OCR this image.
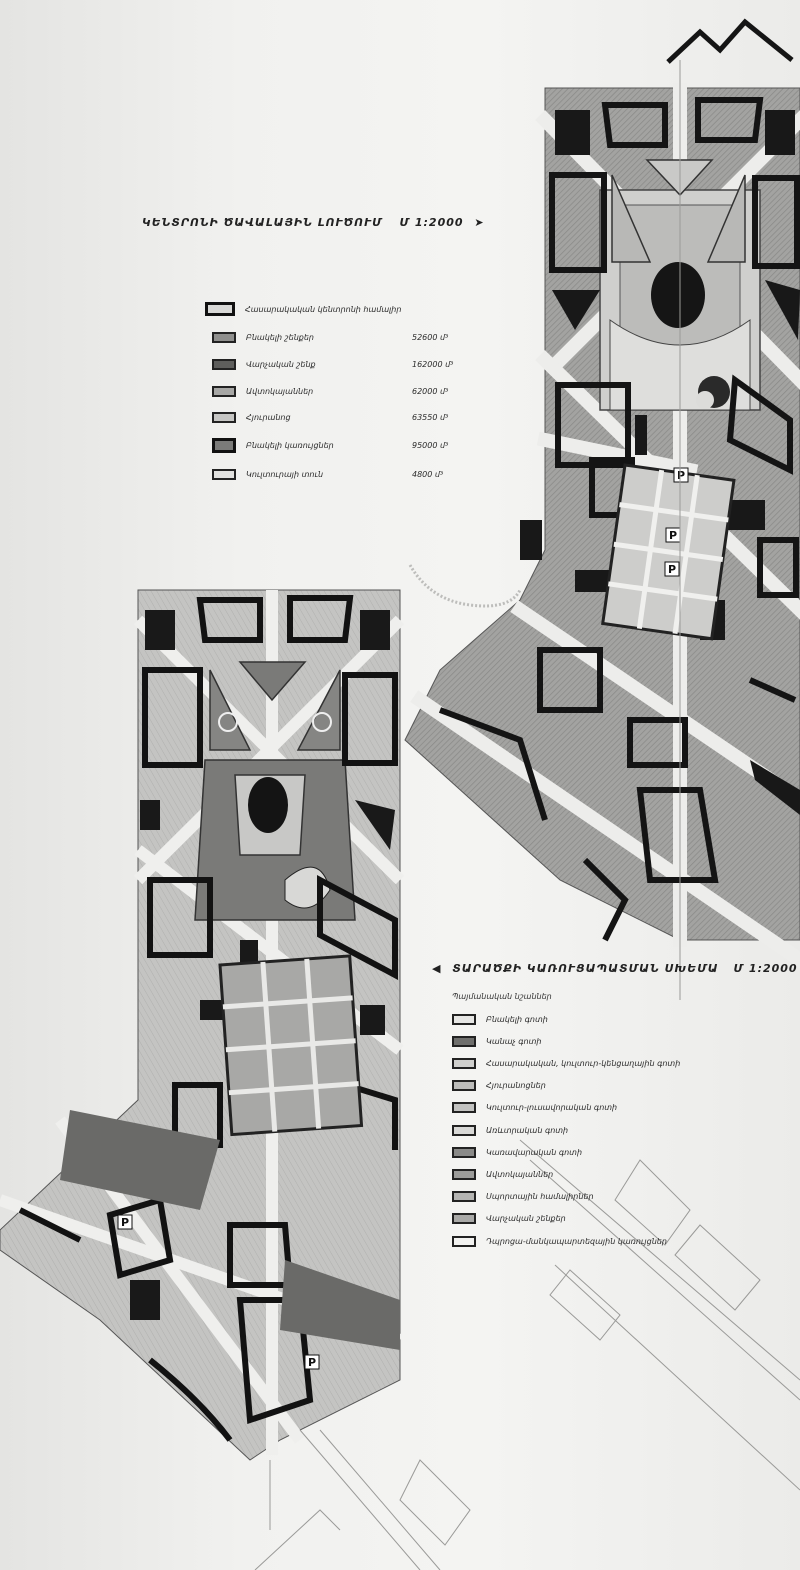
P
P
P
P
P
ԿԵՆՏՐՈՆԻ ԾԱՎԱԼԱՅԻՆ ԼՈՒԾՈՒՄ Մ 1:2000 ➤
Հասարակական կենտրոնի համալիր
Բնակելի շենքեր	52600 մ³
Վարչական շենք	162000 մ³
Ավտոկայաններ	62000 մ³
Հյուրանոց	63550 մ³
Բնակելի կառույցներ	95000 մ³
Կուլտուրայի տուն	4800 մ³
◀ ՏԱՐԱԾՔԻ ԿԱՌՈՒՑԱՊԱՏՄԱՆ ՍԽԵՄԱ Մ 1:2000
Պայմանական նշաններ
Բնակելի գոտի
Կանաչ գոտի
Հասարակական, կուլտուր-կենցաղային գոտի
Հյուրանոցներ
Կուլտուր-լուսավորական գոտի
Առևտրական գոտի
Կառավարական գոտի
Ավտոկայաններ
Սպորտային համալիրներ
Վարչական շենքեր
Դպրոցա-մանկապարտեզային կառույցներ
